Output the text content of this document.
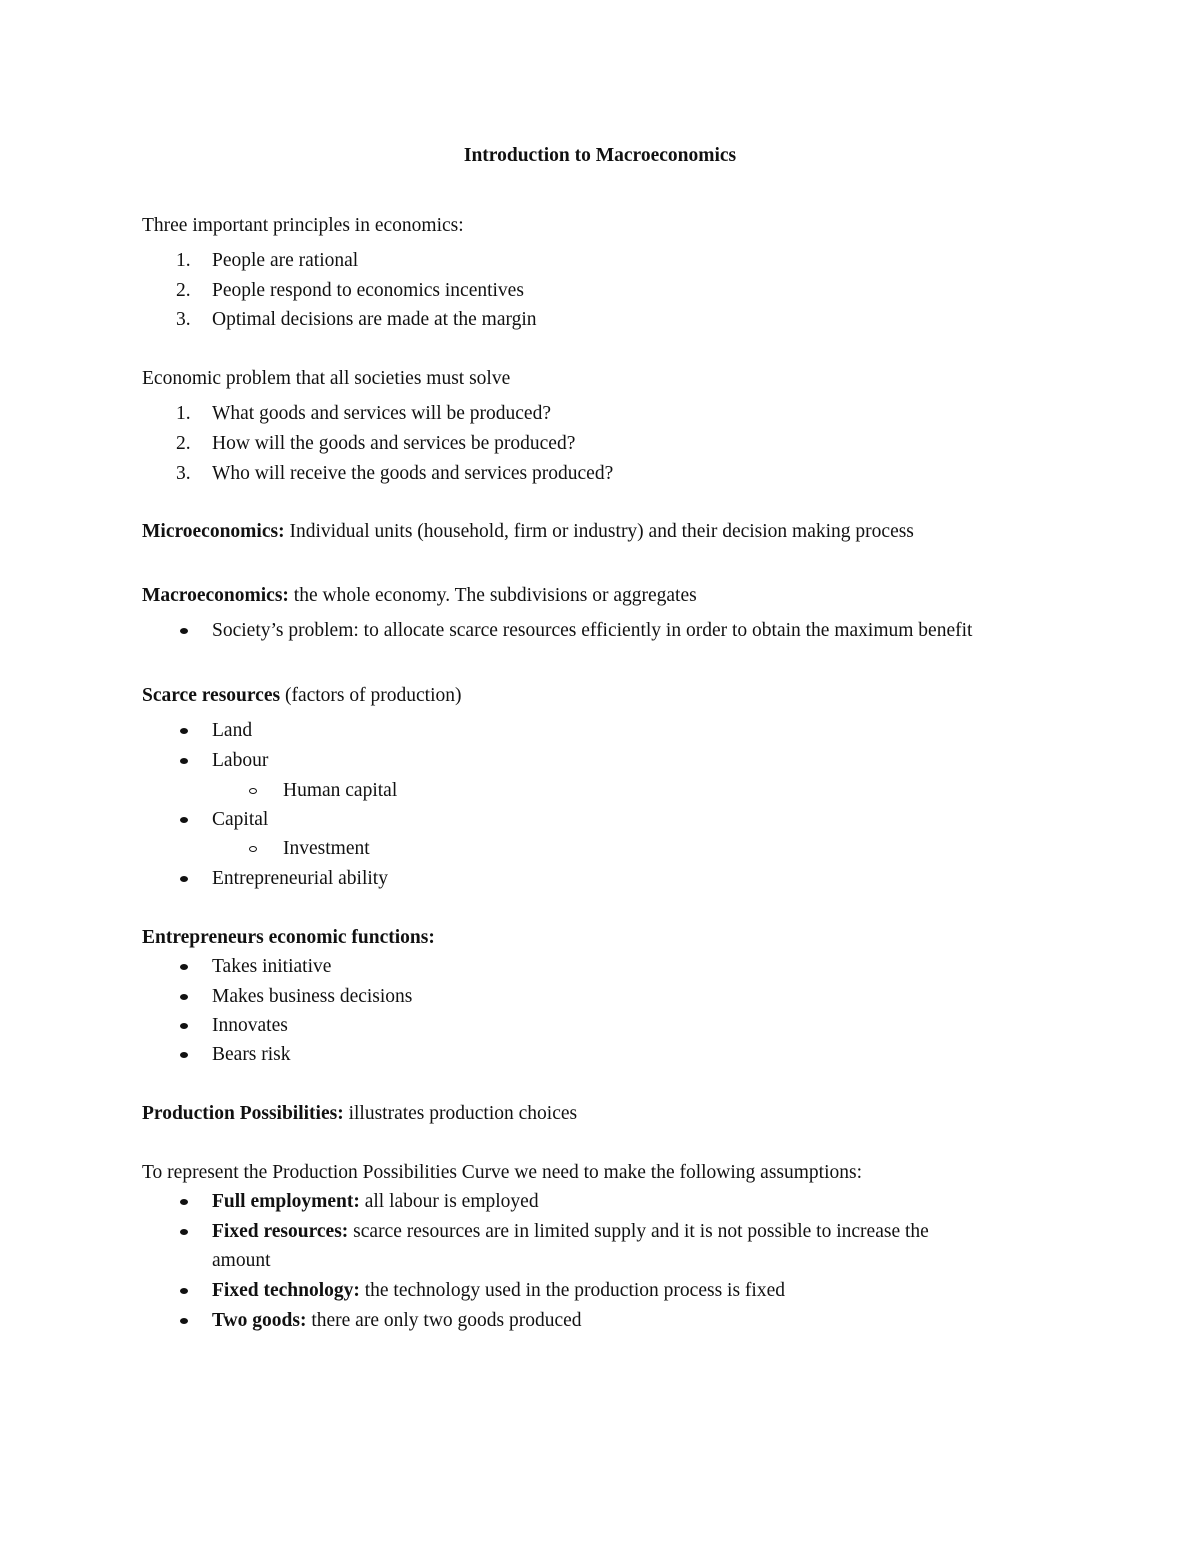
Introduction to Macroeconomics
Three important principles in economics:
1. People are rational
2. People respond to economics incentives
3. Optimal decisions are made at the margin
Economic problem that all societies must solve
1. What goods and services will be produced?
2. How will the goods and services be produced?
3. Who will receive the goods and services produced?
Microeconomics: Individual units (household, firm or industry) and their decision making process
Macroeconomics: the whole economy. The subdivisions or aggregates
Society’s problem: to allocate scarce resources efficiently in order to obtain the maximum benefit
Scarce resources (factors of production)
Land
Labour
Human capital
Capital
Investment
Entrepreneurial ability
Entrepreneurs economic functions:
Takes initiative
Makes business decisions
Innovates
Bears risk
Production Possibilities: illustrates production choices
To represent the Production Possibilities Curve we need to make the following assumptions:
Full employment: all labour is employed
Fixed resources: scarce resources are in limited supply and it is not possible to increase the
amount
Fixed technology: the technology used in the production process is fixed
Two goods: there are only two goods produced
